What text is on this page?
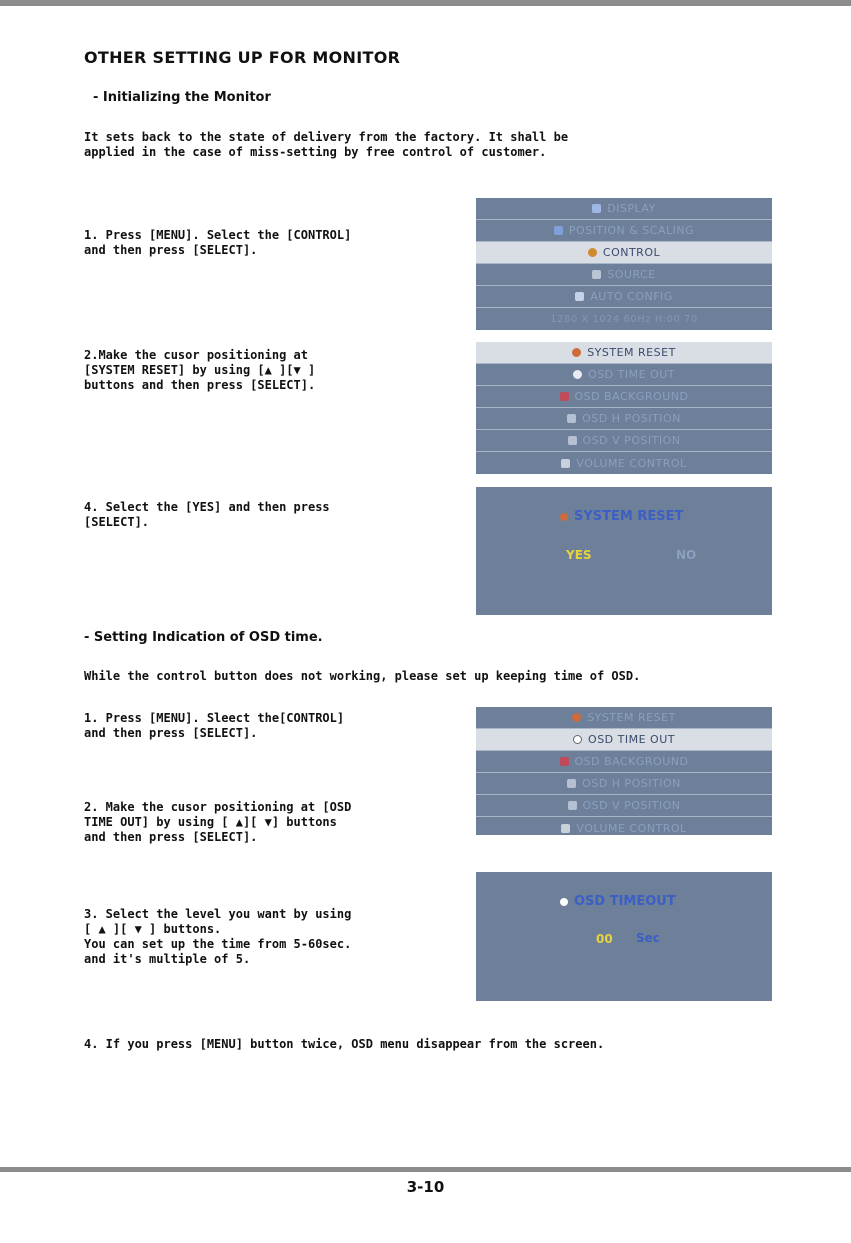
OTHER SETTING UP FOR MONITOR
- Initializing the Monitor
It sets back to the state of delivery from the factory. It shall be
applied in the case of miss-setting by free control of customer.
1. Press [MENU]. Select the [CONTROL]
and then press [SELECT].
2.Make the cusor positioning at
[SYSTEM RESET] by using [▲ ][▼ ]
buttons and then press [SELECT].
4. Select the [YES] and then press
[SELECT].
DISPLAY
POSITION & SCALING
CONTROL
SOURCE
AUTO CONFIG
1280 X 1024 60Hz H:00 70
SYSTEM RESET
OSD TIME OUT
OSD BACKGROUND
OSD H POSITION
OSD V POSITION
VOLUME CONTROL
SYSTEM RESET
YES	NO
- Setting Indication of OSD time.
While the control button does not working, please set up keeping time of OSD.
1. Press [MENU]. Sleect the[CONTROL]
and then press [SELECT].
2. Make the cusor positioning at [OSD
TIME OUT] by using [ ▲][ ▼] buttons
and then press [SELECT].
3. Select the level you want by using
[ ▲ ][ ▼ ] buttons.
You can set up the time from 5-60sec.
and it's multiple of 5.
4. If you press [MENU] button twice, OSD menu disappear from the screen.
SYSTEM RESET
OSD TIME OUT
OSD BACKGROUND
OSD H POSITION
OSD V POSITION
VOLUME CONTROL
OSD TIMEOUT
00 Sec
3-10
